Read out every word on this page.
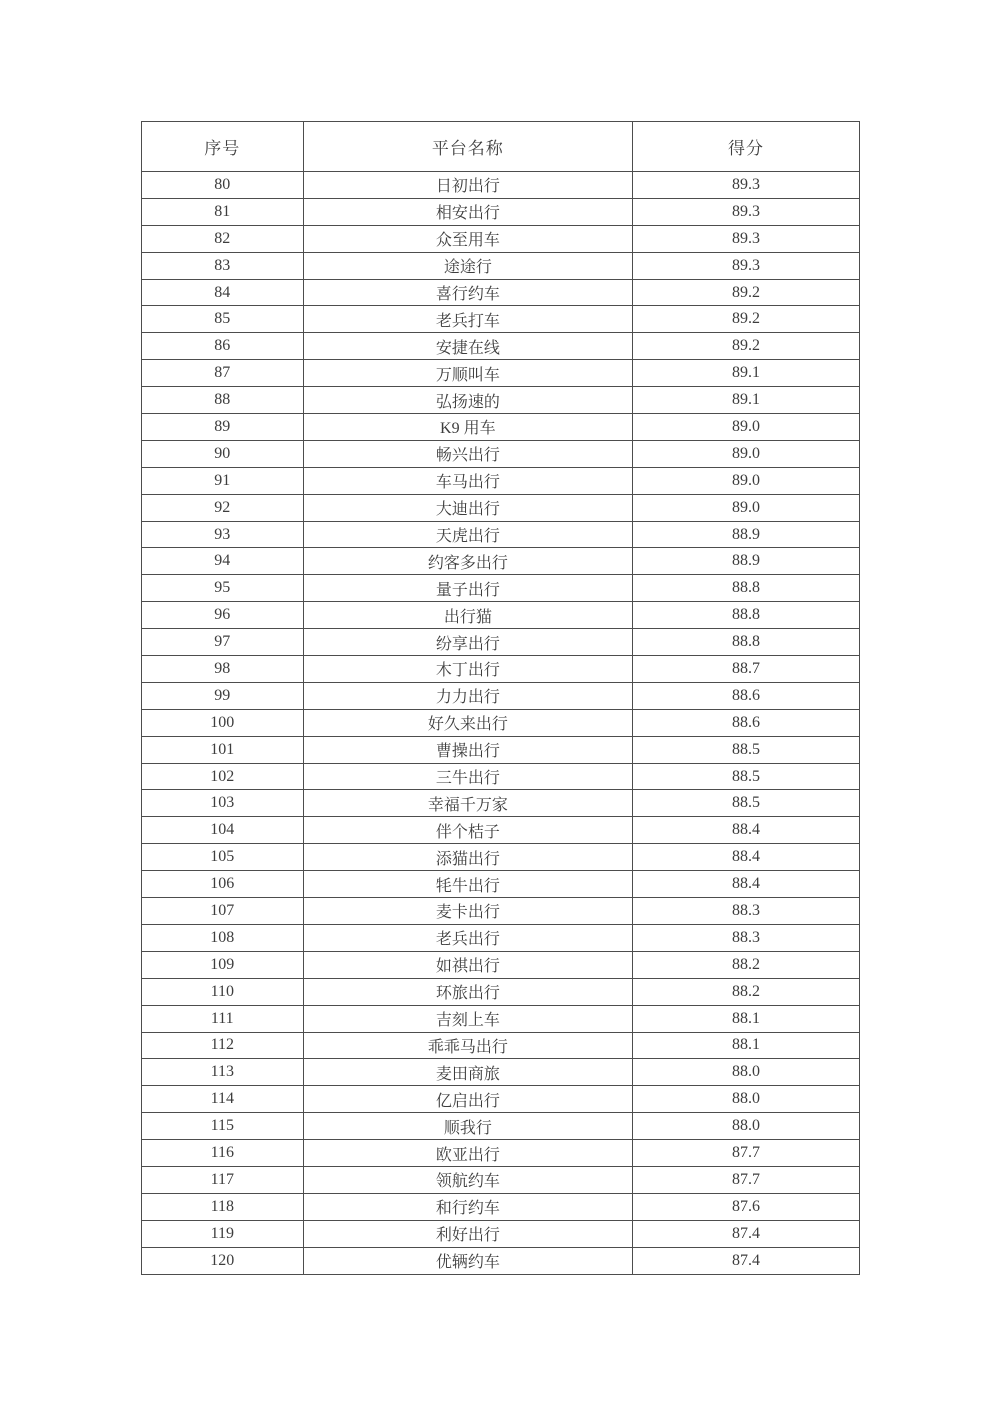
序号	平台名称	得分
80	日初出行	89.3
81	相安出行	89.3
82	众至用车	89.3
83	途途行	89.3
84	喜行约车	89.2
85	老兵打车	89.2
86	安捷在线	89.2
87	万顺叫车	89.1
88	弘扬速的	89.1
89	K9 用车	89.0
90	畅兴出行	89.0
91	车马出行	89.0
92	大迪出行	89.0
93	天虎出行	88.9
94	约客多出行	88.9
95	量子出行	88.8
96	出行猫	88.8
97	纷享出行	88.8
98	木丁出行	88.7
99	力力出行	88.6
100	好久来出行	88.6
101	曹操出行	88.5
102	三牛出行	88.5
103	幸福千万家	88.5
104	伴个桔子	88.4
105	添猫出行	88.4
106	牦牛出行	88.4
107	麦卡出行	88.3
108	老兵出行	88.3
109	如祺出行	88.2
110	环旅出行	88.2
111	吉刻上车	88.1
112	乖乖马出行	88.1
113	麦田商旅	88.0
114	亿启出行	88.0
115	顺我行	88.0
116	欧亚出行	87.7
117	领航约车	87.7
118	和行约车	87.6
119	利好出行	87.4
120	优辆约车	87.4
